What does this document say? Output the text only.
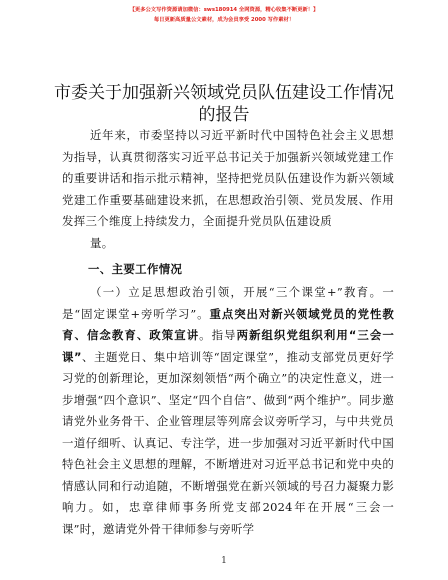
【更多公文写作资源请加微信：sws180914 全网资源，精心收集不断更新！】
每日更新高质量公文素材，成为会员享受 2000 写作素材！
市委关于加强新兴领域党员队伍建设工作情况
的报告
近年来，市委坚持以习近平新时代中国特色社会主义思想为指导，认真贯彻落实习近平总书记关于加强新兴领域党建工作的重要讲话和指示批示精神，坚持把党员队伍建设作为新兴领域党建工作重要基础建设来抓，在思想政治引领、党员发展、作用发挥三个维度上持续发力，全面提升党员队伍建设质
量。
一、主要工作情况
（一）立足思想政治引领，开展“三个课堂+”教育。一是“固定课堂+旁听学习”。重点突出对新兴领域党员的党性教育、信念教育、政策宣讲。指导两新组织党组织利用“三会一课”、主题党日、集中培训等“固定课堂”，推动支部党员更好学习党的创新理论，更加深刻领悟“两个确立”的决定性意义，进一步增强“四个意识”、坚定“四个自信”、做到“两个维护”。同步邀请党外业务骨干、企业管理层等列席会议旁听学习，与中共党员一道仔细听、认真记、专注学，进一步加强对习近平新时代中国特色社会主义思想的理解，不断增进对习近平总书记和党中央的情感认同和行动追随，不断增强党在新兴领域的号召力凝聚力影响力。如，忠章律师事务所党支部2024年在开展“三会一课”时，邀请党外骨干律师参与旁听学
1
